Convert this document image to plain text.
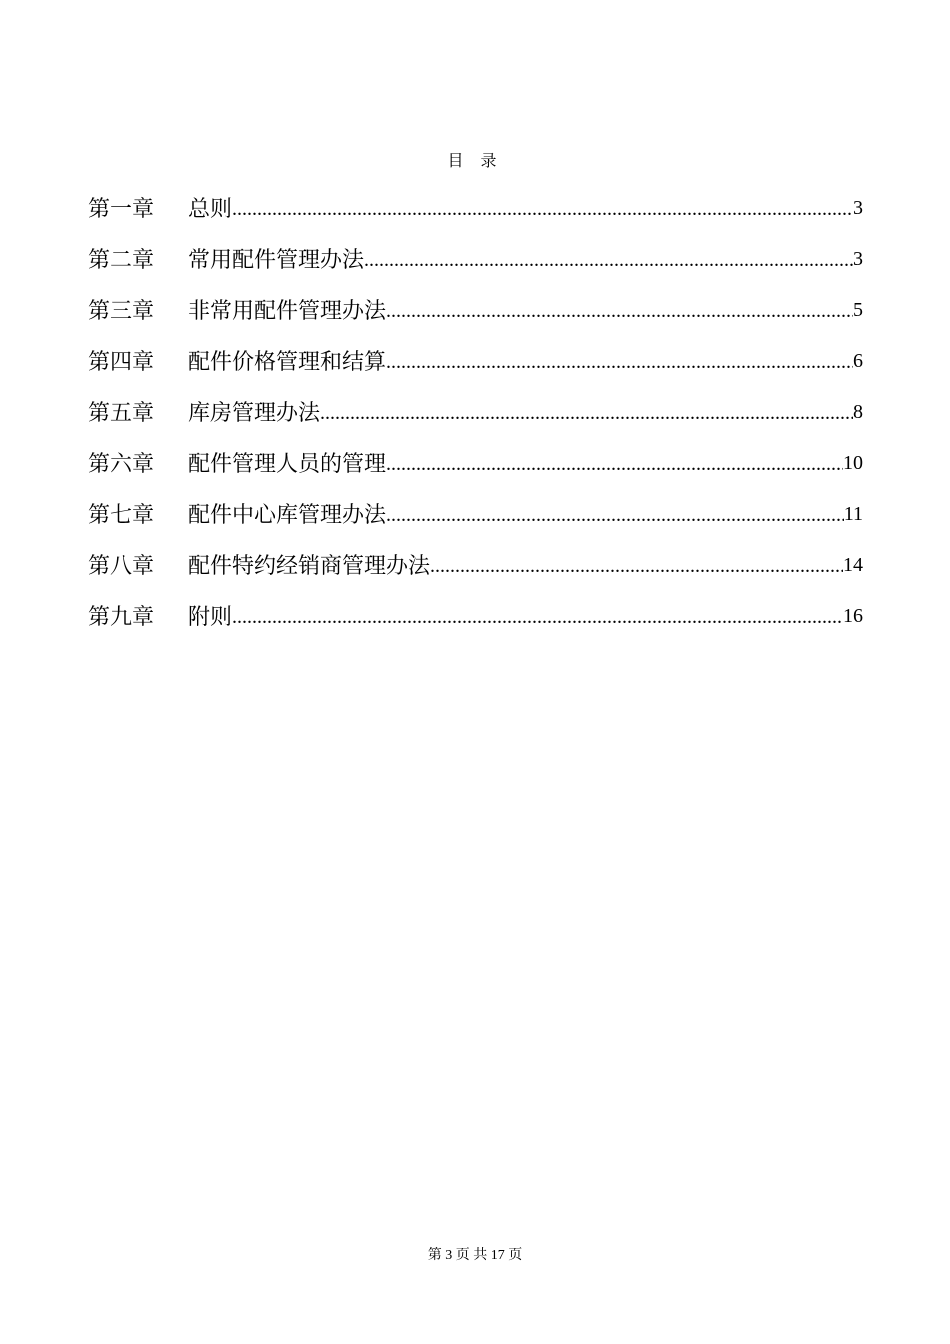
目 录
第一章	总则 .....	3
第二章	常用配件管理办法 .....	3
第三章	非常用配件管理办法 .....	5
第四章	配件价格管理和结算 .....	6
第五章	库房管理办法 .....	8
第六章	配件管理人员的管理 .....	10
第七章	配件中心库管理办法 .....	11
第八章	配件特约经销商管理办法 .....	14
第九章	附则 .....	16
第 3 页 共 17 页
